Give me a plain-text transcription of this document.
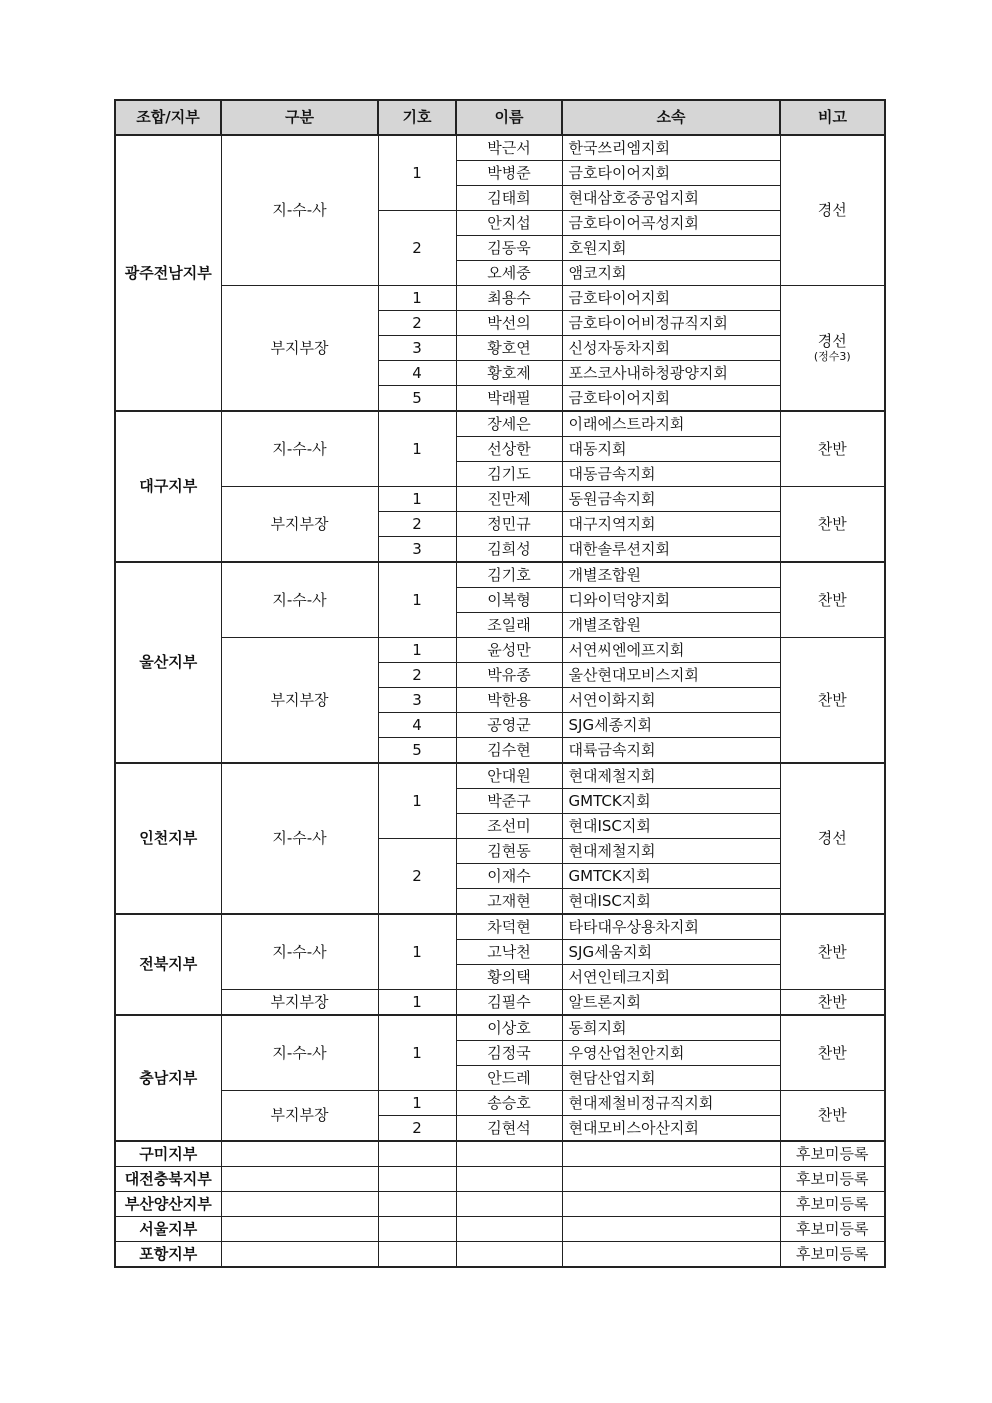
조합/지부	구분	기호	이름	소속	비고
광주전남지부	지-수-사	1	박근서	한국쓰리엠지회	경선
			박병준	금호타이어지회	
			김태희	현대삼호중공업지회	
		2	안지섭	금호타이어곡성지회	
			김동욱	호원지회	
			오세중	앰코지회	
	부지부장	1	최용수	금호타이어지회	경선
(정수3)

		2	박선의	금호타이어비정규직지회	
		3	황호연	신성자동차지회	
		4	황호제	포스코사내하청광양지회	
		5	박래필	금호타이어지회	
대구지부	지-수-사	1	장세은	이래에스트라지회	찬반
			선상한	대동지회	
			김기도	대동금속지회	
	부지부장	1	진만제	동원금속지회	찬반
		2	정민규	대구지역지회	
		3	김희성	대한솔루션지회	
울산지부	지-수-사	1	김기호	개별조합원	찬반
			이복형	디와이덕양지회	
			조일래	개별조합원	
	부지부장	1	윤성만	서연씨엔에프지회	찬반
		2	박유종	울산현대모비스지회	
		3	박한용	서연이화지회	
		4	공영군	SJG세종지회	
		5	김수현	대륙금속지회	
인천지부	지-수-사	1	안대원	현대제철지회	경선
			박준구	GMTCK지회	
			조선미	현대ISC지회	
		2	김현동	현대제철지회	
			이재수	GMTCK지회	
			고재현	현대ISC지회	
전북지부	지-수-사	1	차덕현	타타대우상용차지회	찬반
			고낙천	SJG세움지회	
			황의택	서연인테크지회	
	부지부장	1	김필수	알트론지회	찬반
충남지부	지-수-사	1	이상호	동희지회	찬반
			김정국	우영산업천안지회	
			안드레	현담산업지회	
	부지부장	1	송승호	현대제철비정규직지회	찬반
		2	김현석	현대모비스아산지회	
구미지부					후보미등록
대전충북지부					후보미등록
부산양산지부					후보미등록
서울지부					후보미등록
포항지부					후보미등록
